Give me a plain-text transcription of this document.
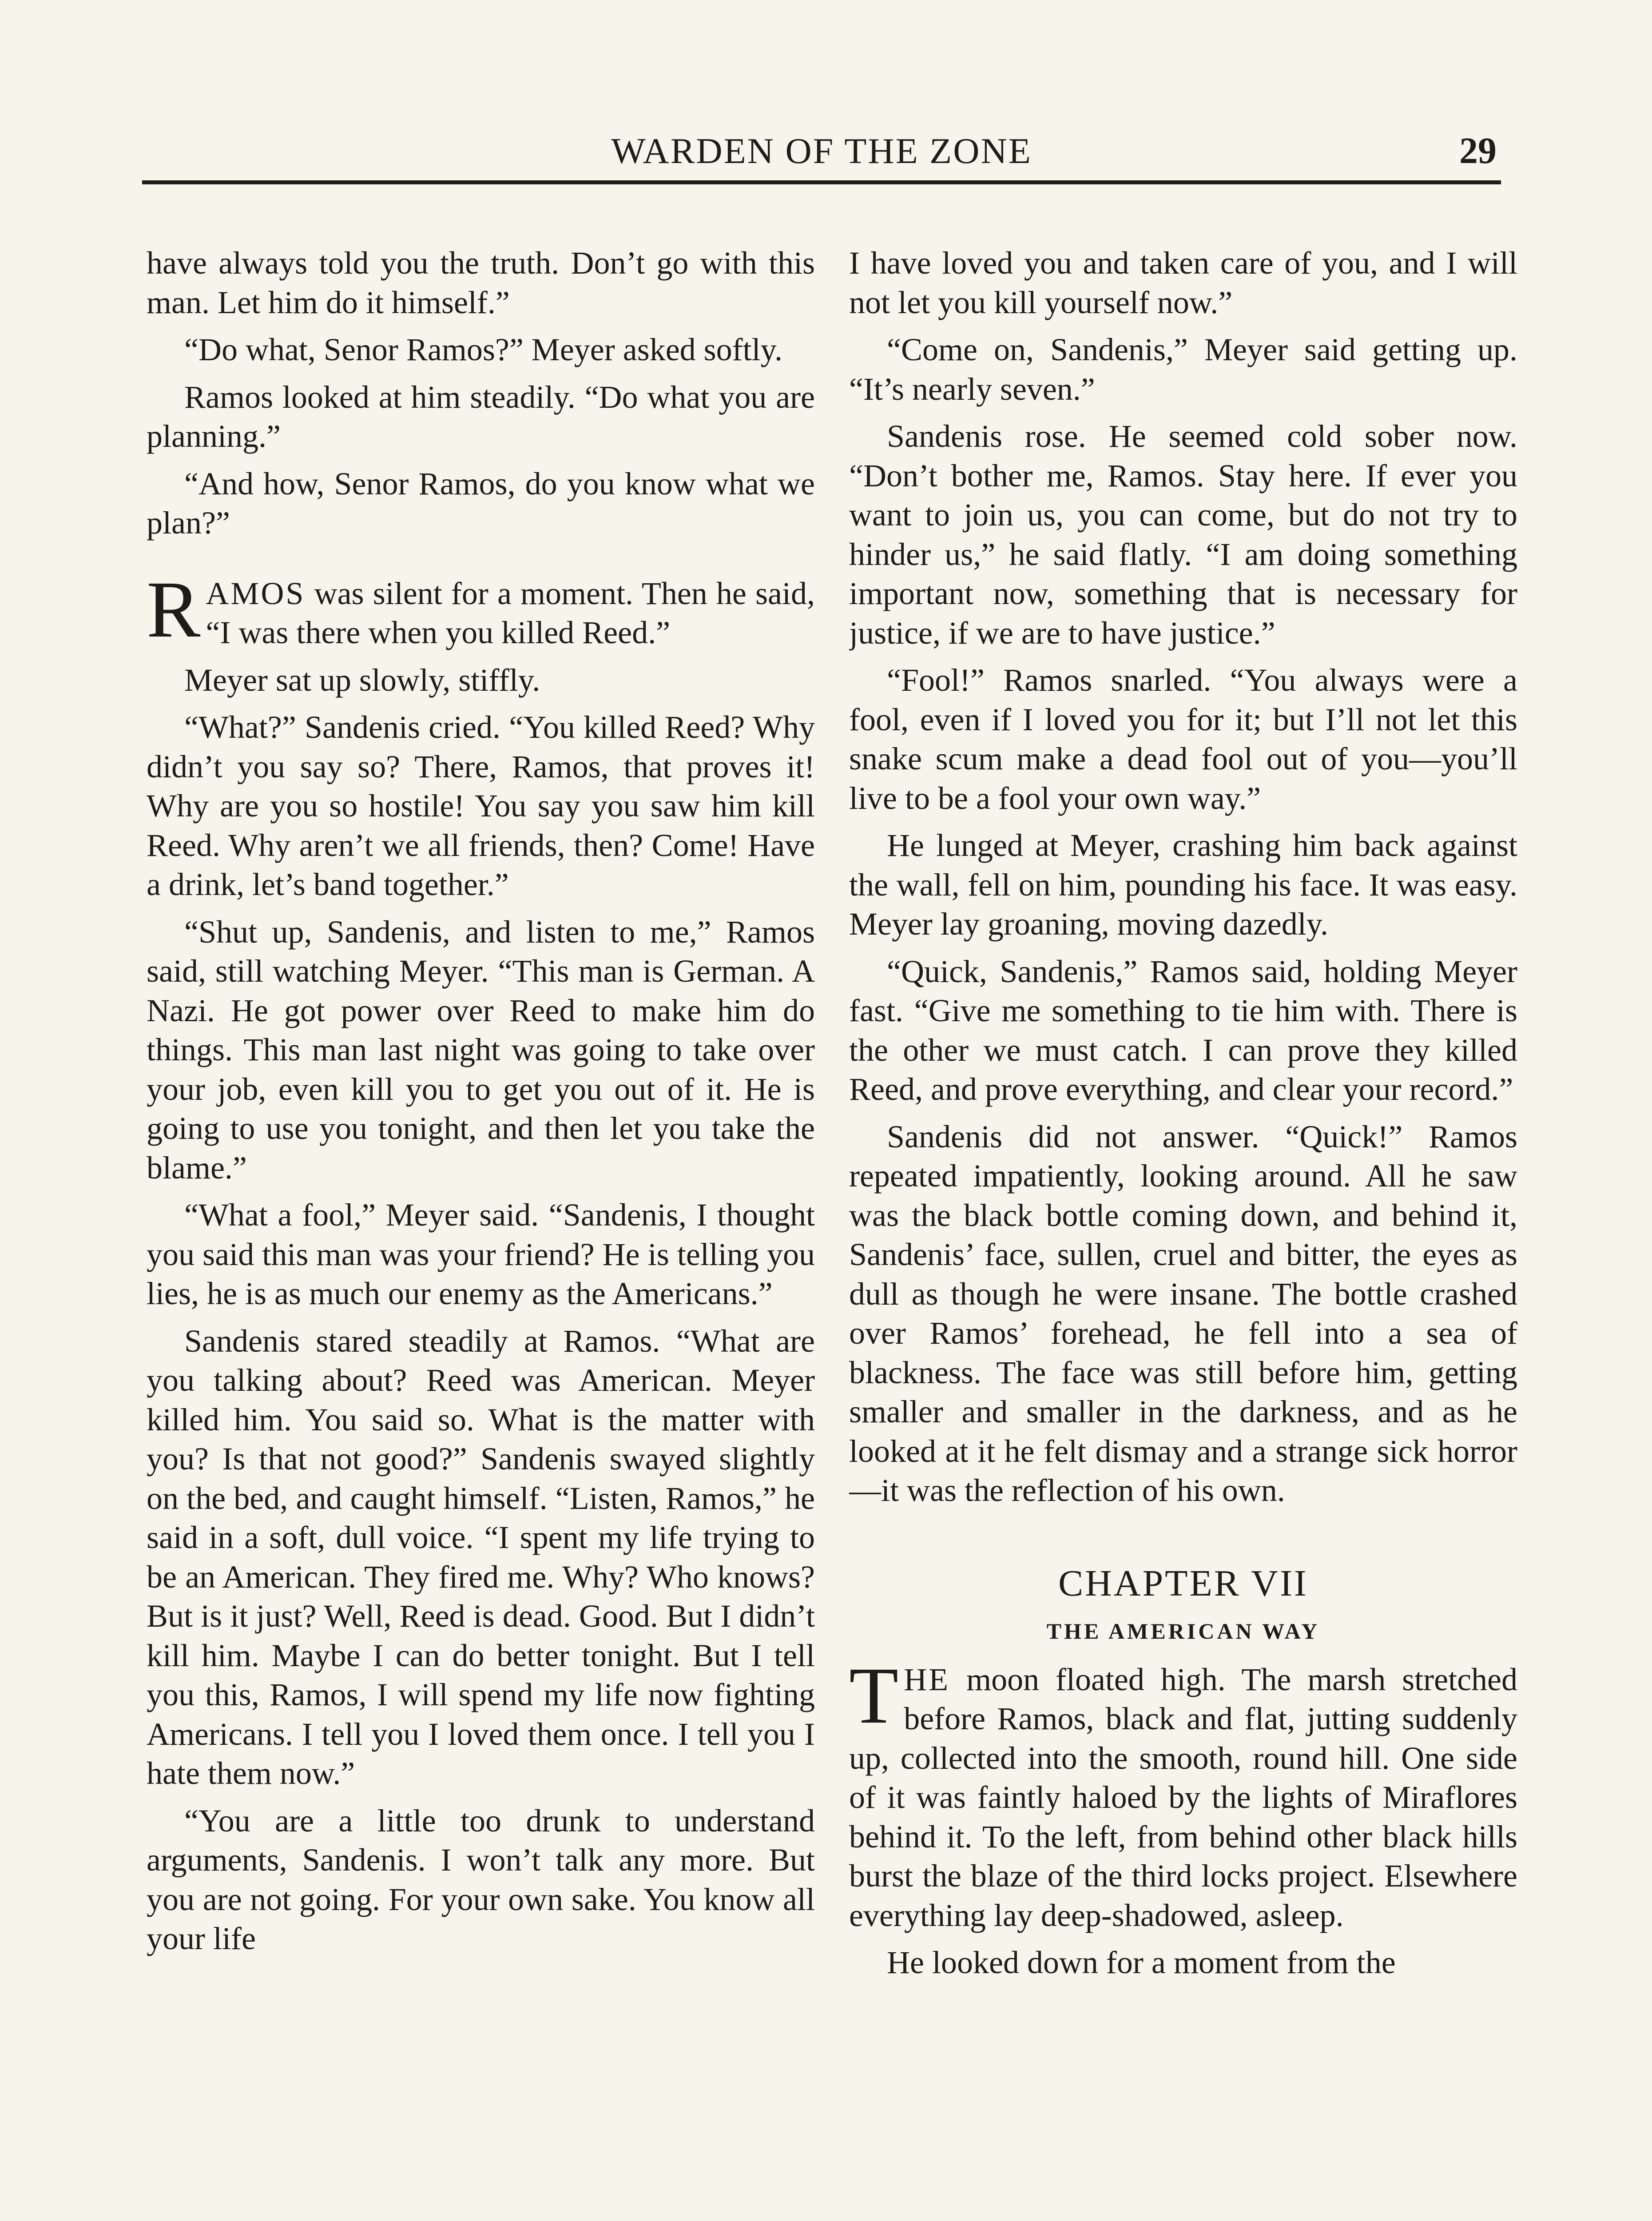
WARDEN OF THE ZONE	29

have always told you the truth. Don’t go with this man. Let him do it himself.”

“Do what, Senor Ramos?” Meyer asked softly.

Ramos looked at him steadily. “Do what you are planning.”

“And how, Senor Ramos, do you know what we plan?”

RAMOS was silent for a moment. Then he said, “I was there when you killed Reed.”

Meyer sat up slowly, stiffly.

“What?” Sandenis cried. “You killed Reed? Why didn’t you say so? There, Ramos, that proves it! Why are you so hostile! You say you saw him kill Reed. Why aren’t we all friends, then? Come! Have a drink, let’s band together.”

“Shut up, Sandenis, and listen to me,” Ramos said, still watching Meyer. “This man is German. A Nazi. He got power over Reed to make him do things. This man last night was going to take over your job, even kill you to get you out of it. He is going to use you tonight, and then let you take the blame.”

“What a fool,” Meyer said. “Sandenis, I thought you said this man was your friend? He is telling you lies, he is as much our enemy as the Americans.”

Sandenis stared steadily at Ramos. “What are you talking about? Reed was American. Meyer killed him. You said so. What is the matter with you? Is that not good?” Sandenis swayed slightly on the bed, and caught himself. “Listen, Ramos,” he said in a soft, dull voice. “I spent my life trying to be an American. They fired me. Why? Who knows? But is it just? Well, Reed is dead. Good. But I didn’t kill him. Maybe I can do better tonight. But I tell you this, Ramos, I will spend my life now fighting Americans. I tell you I loved them once. I tell you I hate them now.”

“You are a little too drunk to understand arguments, Sandenis. I won’t talk any more. But you are not going. For your own sake. You know all your life

I have loved you and taken care of you, and I will not let you kill yourself now.”

“Come on, Sandenis,” Meyer said getting up. “It’s nearly seven.”

Sandenis rose. He seemed cold sober now. “Don’t bother me, Ramos. Stay here. If ever you want to join us, you can come, but do not try to hinder us,” he said flatly. “I am doing something important now, something that is necessary for justice, if we are to have justice.”

“Fool!” Ramos snarled. “You always were a fool, even if I loved you for it; but I’ll not let this snake scum make a dead fool out of you—you’ll live to be a fool your own way.”

He lunged at Meyer, crashing him back against the wall, fell on him, pounding his face. It was easy. Meyer lay groaning, moving dazedly.

“Quick, Sandenis,” Ramos said, holding Meyer fast. “Give me something to tie him with. There is the other we must catch. I can prove they killed Reed, and prove everything, and clear your record.”

Sandenis did not answer. “Quick!” Ramos repeated impatiently, looking around. All he saw was the black bottle coming down, and behind it, Sandenis’ face, sullen, cruel and bitter, the eyes as dull as though he were insane. The bottle crashed over Ramos’ forehead, he fell into a sea of blackness. The face was still before him, getting smaller and smaller in the darkness, and as he looked at it he felt dismay and a strange sick horror—it was the reflection of his own.

CHAPTER VII
THE AMERICAN WAY

THE moon floated high. The marsh stretched before Ramos, black and flat, jutting suddenly up, collected into the smooth, round hill. One side of it was faintly haloed by the lights of Miraflores behind it. To the left, from behind other black hills burst the blaze of the third locks project. Elsewhere everything lay deep-shadowed, asleep.

He looked down for a moment from the
